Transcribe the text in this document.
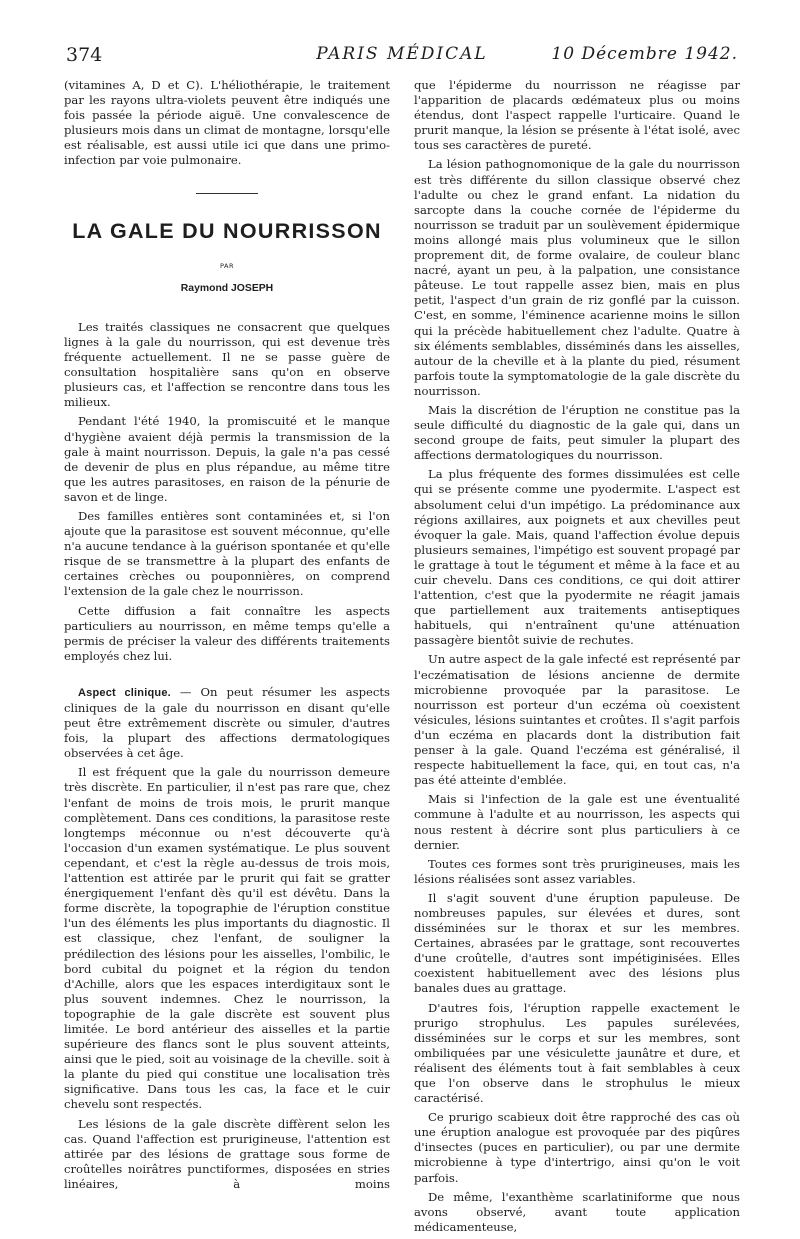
374	PARIS MÉDICAL	10 Décembre 1942.

(vitamines A, D et C). L'héliothérapie, le traitement par les rayons ultra-violets peuvent être indiqués une fois passée la période aiguë. Une convalescence de plusieurs mois dans un climat de montagne, lorsqu'elle est réalisable, est aussi utile ici que dans une primo-infection par voie pulmonaire.

LA GALE DU NOURRISSON
PAR
Raymond JOSEPH

Les traités classiques ne consacrent que quelques lignes à la gale du nourrisson, qui est devenue très fréquente actuellement. Il ne se passe guère de consultation hospitalière sans qu'on en observe plusieurs cas, et l'affection se rencontre dans tous les milieux.

Pendant l'été 1940, la promiscuité et le manque d'hygiène avaient déjà permis la transmission de la gale à maint nourrisson. Depuis, la gale n'a pas cessé de devenir de plus en plus répandue, au même titre que les autres parasitoses, en raison de la pénurie de savon et de linge.

Des familles entières sont contaminées et, si l'on ajoute que la parasitose est souvent méconnue, qu'elle n'a aucune tendance à la guérison spontanée et qu'elle risque de se transmettre à la plupart des enfants de certaines crèches ou pouponnières, on comprend l'extension de la gale chez le nourrisson.

Cette diffusion a fait connaître les aspects particuliers au nourrisson, en même temps qu'elle a permis de préciser la valeur des différents traitements employés chez lui.

Aspect clinique. — On peut résumer les aspects cliniques de la gale du nourrisson en disant qu'elle peut être extrêmement discrète ou simuler, d'autres fois, la plupart des affections dermatologiques observées à cet âge.

Il est fréquent que la gale du nourrisson demeure très discrète. En particulier, il n'est pas rare que, chez l'enfant de moins de trois mois, le prurit manque complètement. Dans ces conditions, la parasitose reste longtemps méconnue ou n'est découverte qu'à l'occasion d'un examen systématique. Le plus souvent cependant, et c'est la règle au-dessus de trois mois, l'attention est attirée par le prurit qui fait se gratter énergiquement l'enfant dès qu'il est dévêtu. Dans la forme discrète, la topographie de l'éruption constitue l'un des éléments les plus importants du diagnostic. Il est classique, chez l'enfant, de souligner la prédilection des lésions pour les aisselles, l'ombilic, le bord cubital du poignet et la région du tendon d'Achille, alors que les espaces interdigitaux sont le plus souvent indemnes. Chez le nourrisson, la topographie de la gale discrète est souvent plus limitée. Le bord antérieur des aisselles et la partie supérieure des flancs sont le plus souvent atteints, ainsi que le pied, soit au voisinage de la cheville. soit à la plante du pied qui constitue une localisation très significative. Dans tous les cas, la face et le cuir chevelu sont respectés.

Les lésions de la gale discrète diffèrent selon les cas. Quand l'affection est prurigineuse, l'attention est attirée par des lésions de grattage sous forme de croûtelles noirâtres punctiformes, disposées en stries linéaires, à moins

que l'épiderme du nourrisson ne réagisse par l'apparition de placards œdémateux plus ou moins étendus, dont l'aspect rappelle l'urticaire. Quand le prurit manque, la lésion se présente à l'état isolé, avec tous ses caractères de pureté.

La lésion pathognomonique de la gale du nourrisson est très différente du sillon classique observé chez l'adulte ou chez le grand enfant. La nidation du sarcopte dans la couche cornée de l'épiderme du nourrisson se traduit par un soulèvement épidermique moins allongé mais plus volumineux que le sillon proprement dit, de forme ovalaire, de couleur blanc nacré, ayant un peu, à la palpation, une consistance pâteuse. Le tout rappelle assez bien, mais en plus petit, l'aspect d'un grain de riz gonflé par la cuisson. C'est, en somme, l'éminence acarienne moins le sillon qui la précède habituellement chez l'adulte. Quatre à six éléments semblables, disséminés dans les aisselles, autour de la cheville et à la plante du pied, résument parfois toute la symptomatologie de la gale discrète du nourrisson.

Mais la discrétion de l'éruption ne constitue pas la seule difficulté du diagnostic de la gale qui, dans un second groupe de faits, peut simuler la plupart des affections dermatologiques du nourrisson.

La plus fréquente des formes dissimulées est celle qui se présente comme une pyodermite. L'aspect est absolument celui d'un impétigo. La prédominance aux régions axillaires, aux poignets et aux chevilles peut évoquer la gale. Mais, quand l'affection évolue depuis plusieurs semaines, l'impétigo est souvent propagé par le grattage à tout le tégument et même à la face et au cuir chevelu. Dans ces conditions, ce qui doit attirer l'attention, c'est que la pyodermite ne réagit jamais que partiellement aux traitements antiseptiques habituels, qui n'entraînent qu'une atténuation passagère bientôt suivie de rechutes.

Un autre aspect de la gale infecté est représenté par l'eczématisation de lésions ancienne de dermite microbienne provoquée par la parasitose. Le nourrisson est porteur d'un eczéma où coexistent vésicules, lésions suintantes et croûtes. Il s'agit parfois d'un eczéma en placards dont la distribution fait penser à la gale. Quand l'eczéma est généralisé, il respecte habituellement la face, qui, en tout cas, n'a pas été atteinte d'emblée.

Mais si l'infection de la gale est une éventualité commune à l'adulte et au nourrisson, les aspects qui nous restent à décrire sont plus particuliers à ce dernier.

Toutes ces formes sont très prurigineuses, mais les lésions réalisées sont assez variables.

Il s'agit souvent d'une éruption papuleuse. De nombreuses papules, sur élevées et dures, sont disséminées sur le thorax et sur les membres. Certaines, abrasées par le grattage, sont recouvertes d'une croûtelle, d'autres sont impétiginisées. Elles coexistent habituellement avec des lésions plus banales dues au grattage.

D'autres fois, l'éruption rappelle exactement le prurigo strophulus. Les papules surélevées, disséminées sur le corps et sur les membres, sont ombiliquées par une vésiculette jaunâtre et dure, et réalisent des éléments tout à fait semblables à ceux que l'on observe dans le strophulus le mieux caractérisé.

Ce prurigo scabieux doit être rapproché des cas où une éruption analogue est provoquée par des piqûres d'insectes (puces en particulier), ou par une dermite microbienne à type d'intertrigo, ainsi qu'on le voit parfois.

De même, l'exanthème scarlatiniforme que nous avons observé, avant toute application médicamenteuse,
